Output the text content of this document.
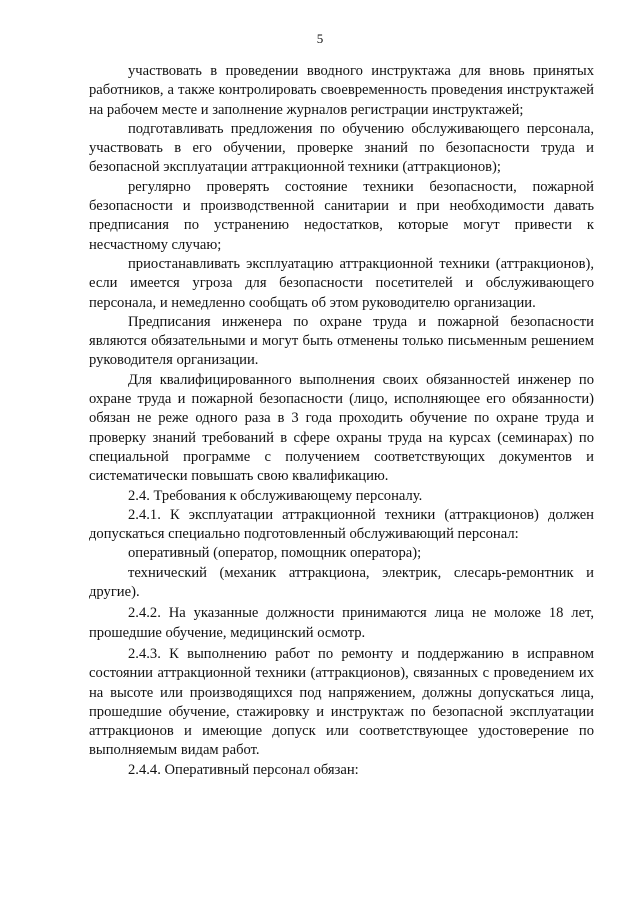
5

участвовать в проведении вводного инструктажа для вновь принятых работников, а также контролировать своевременность проведения инструктажей на рабочем месте и заполнение журналов регистрации инструктажей;

подготавливать предложения по обучению обслуживающего персонала, участвовать в его обучении, проверке знаний по безопасности труда и безопасной эксплуатации аттракционной техники (аттракционов);

регулярно проверять состояние техники безопасности, пожарной безопасности и производственной санитарии и при необходимости давать предписания по устранению недостатков, которые могут привести к несчастному случаю;

приостанавливать эксплуатацию аттракционной техники (аттракционов), если имеется угроза для безопасности посетителей и обслуживающего персонала, и немедленно сообщать об этом руководителю организации.

Предписания инженера по охране труда и пожарной безопасности являются обязательными и могут быть отменены только письменным решением руководителя организации.

Для квалифицированного выполнения своих обязанностей инженер по охране труда и пожарной безопасности (лицо, исполняющее его обязанности) обязан не реже одного раза в 3 года проходить обучение по охране труда и проверку знаний требований в сфере охраны труда на курсах (семинарах) по специальной программе с получением соответствующих документов и систематически повышать свою квалификацию.

2.4. Требования к обслуживающему персоналу.

2.4.1. К эксплуатации аттракционной техники (аттракционов) должен допускаться специально подготовленный обслуживающий персонал:

оперативный (оператор, помощник оператора);

технический (механик аттракциона, электрик, слесарь-ремонтник и другие).

2.4.2. На указанные должности принимаются лица не моложе 18 лет, прошедшие обучение, медицинский осмотр.

2.4.3. К выполнению работ по ремонту и поддержанию в исправном состоянии аттракционной техники (аттракционов), связанных с проведением их на высоте или производящихся под напряжением, должны допускаться лица, прошедшие обучение, стажировку и инструктаж по безопасной эксплуатации аттракционов и имеющие допуск или соответствующее удостоверение по выполняемым видам работ.

2.4.4. Оперативный персонал обязан:
